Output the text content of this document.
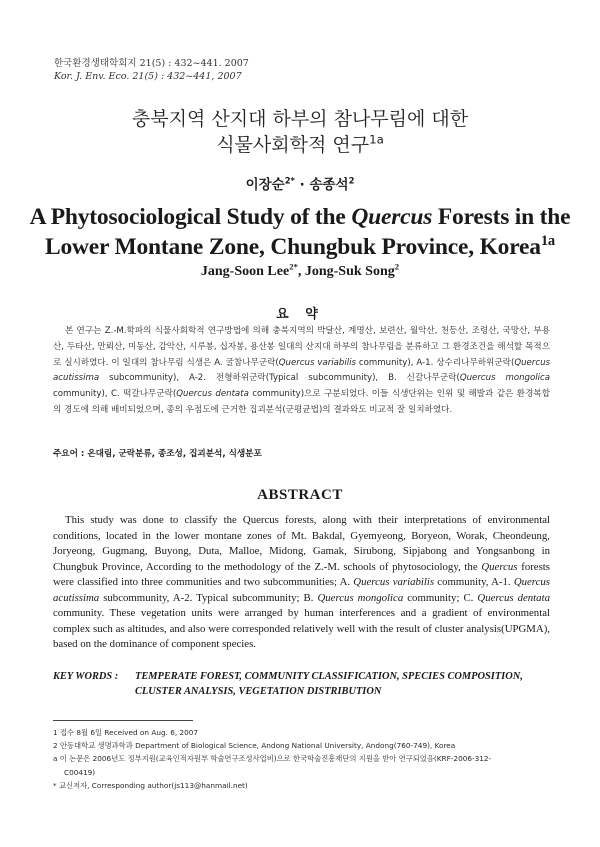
한국환경생태학회지 21(5) : 432~441. 2007
Kor. J. Env. Eco. 21(5) : 432~441, 2007
충북지역 산지대 하부의 참나무림에 대한
식물사회학적 연구$^{1a}$
이장순$^{2*}$ · 송종석$^2$
A Phytosociological Study of the Quercus Forests in the
Lower Montane Zone, Chungbuk Province, Korea$^{1a}$
Jang-Soon Lee$^{2*}$, Jong-Suk Song$^2$
요 약

본 연구는 Z.-M.학파의 식물사회학적 연구방법에 의해 충북지역의 박달산, 계명산, 보련산, 월악산, 천등산, 조령산, 국망산, 부용산, 두타산, 만뢰산, 미동산, 감악산, 시루봉, 십자봉, 용산봉 일대의 산지대 하부의 참나무림을 분류하고 그 환경조건을 해석할 목적으로 실시하였다. 이 일대의 참나무림 식생은 A. 굴참나무군락(Quercus variabilis community), A-1. 상수리나무하위군락(Quercus acutissima subcommunity), A-2. 전형하위군락(Typical subcommunity), B. 신갈나무군락(Quercus mongolica community), C. 떡갈나무군락(Quercus dentata community)으로 구분되었다. 이들 식생단위는 인위 및 해발과 같은 환경복합의 경도에 의해 배비되었으며, 종의 우점도에 근거한 집괴분석(군평균법)의 결과와도 비교적 잘 일치하였다.

주요어 : 온대림, 군락분류, 종조성, 집괴분석, 식생분포
ABSTRACT

This study was done to classify the Quercus forests, along with their interpretations of environmental conditions, located in the lower montane zones of Mt. Bakdal, Gyemyeong, Boryeon, Worak, Cheondeung, Joryeong, Gugmang, Buyong, Duta, Malloe, Midong, Gamak, Sirubong, Sipjabong and Yongsanbong in Chungbuk Province, According to the methodology of the Z.-M. schools of phytosociology, the Quercus forests were classified into three communities and two subcommunities; A. Quercus variabilis community, A-1. Quercus acutissima subcommunity, A-2. Typical subcommunity; B. Quercus mongolica community; C. Quercus dentata community. These vegetation units were arranged by human interferences and a gradient of environmental complex such as altitudes, and also were corresponded relatively well with the result of cluster analysis(UPGMA), based on the dominance of component species.

KEY WORDS : TEMPERATE FOREST, COMMUNITY CLASSIFICATION, SPECIES COMPOSITION,
CLUSTER ANALYSIS, VEGETATION DISTRIBUTION
1 접수 8월 6일 Received on Aug. 6, 2007
2 안동대학교 생명과학과 Department of Biological Science, Andong National University, Andong(760-749), Korea
a 이 논문은 2006년도 정부지원(교육인적자원부 학술연구조성사업비)으로 한국학술진흥재단의 지원을 받아 연구되었음(KRF-2006-312-
C00419)
* 교신저자, Corresponding author(js113@hanmail.net)
